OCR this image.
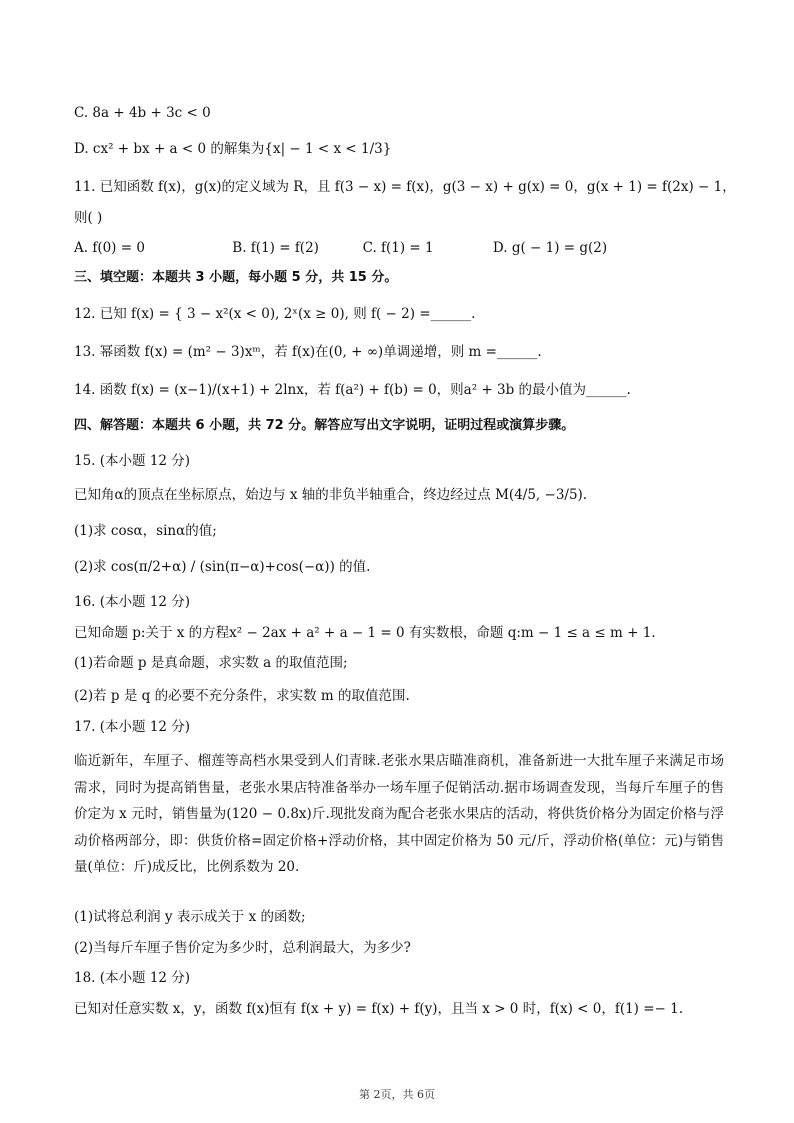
C. 8a + 4b + 3c < 0
D. cx² + bx + a < 0 的解集为{x| − 1 < x < 1/3}
11. 已知函数 f(x)，g(x)的定义域为 R，且 f(3 − x) = f(x)，g(3 − x) + g(x) = 0，g(x + 1) = f(2x) − 1，
则( )
A. f(0) = 0	B. f(1) = f(2)	C. f(1) = 1	D. g( − 1) = g(2)
三、填空题：本题共 3 小题，每小题 5 分，共 15 分。
12. 已知 f(x) = { 3 − x²(x < 0), 2ˣ(x ≥ 0), 则 f( − 2) =______.
13. 幂函数 f(x) = (m² − 3)xᵐ，若 f(x)在(0, + ∞)单调递增，则 m =______.
14. 函数 f(x) = (x−1)/(x+1) + 2lnx，若 f(a²) + f(b) = 0，则a² + 3b 的最小值为______.
四、解答题：本题共 6 小题，共 72 分。解答应写出文字说明，证明过程或演算步骤。
15. (本小题 12 分)
已知角α的顶点在坐标原点，始边与 x 轴的非负半轴重合，终边经过点 M(4/5, −3/5).
(1)求 cosα，sinα的值;
(2)求 cos(π/2+α) / (sin(π−α)+cos(−α)) 的值.
16. (本小题 12 分)
已知命题 p:关于 x 的方程x² − 2ax + a² + a − 1 = 0 有实数根，命题 q:m − 1 ≤ a ≤ m + 1.
(1)若命题 p 是真命题，求实数 a 的取值范围;
(2)若 p 是 q 的必要不充分条件，求实数 m 的取值范围.
17. (本小题 12 分)
临近新年，车厘子、榴莲等高档水果受到人们青睐.老张水果店瞄准商机，准备新进一大批车厘子来满足市场需求，同时为提高销售量，老张水果店特准备举办一场车厘子促销活动.据市场调查发现，当每斤车厘子的售价定为 x 元时，销售量为(120 − 0.8x)斤.现批发商为配合老张水果店的活动，将供货价格分为固定价格与浮动价格两部分，即：供货价格=固定价格+浮动价格，其中固定价格为 50 元/斤，浮动价格(单位：元)与销售量(单位：斤)成反比，比例系数为 20.
(1)试将总利润 y 表示成关于 x 的函数;
(2)当每斤车厘子售价定为多少时，总利润最大，为多少?
18. (本小题 12 分)
已知对任意实数 x，y，函数 f(x)恒有 f(x + y) = f(x) + f(y)，且当 x > 0 时，f(x) < 0，f(1) =− 1.
第 2页，共 6页
